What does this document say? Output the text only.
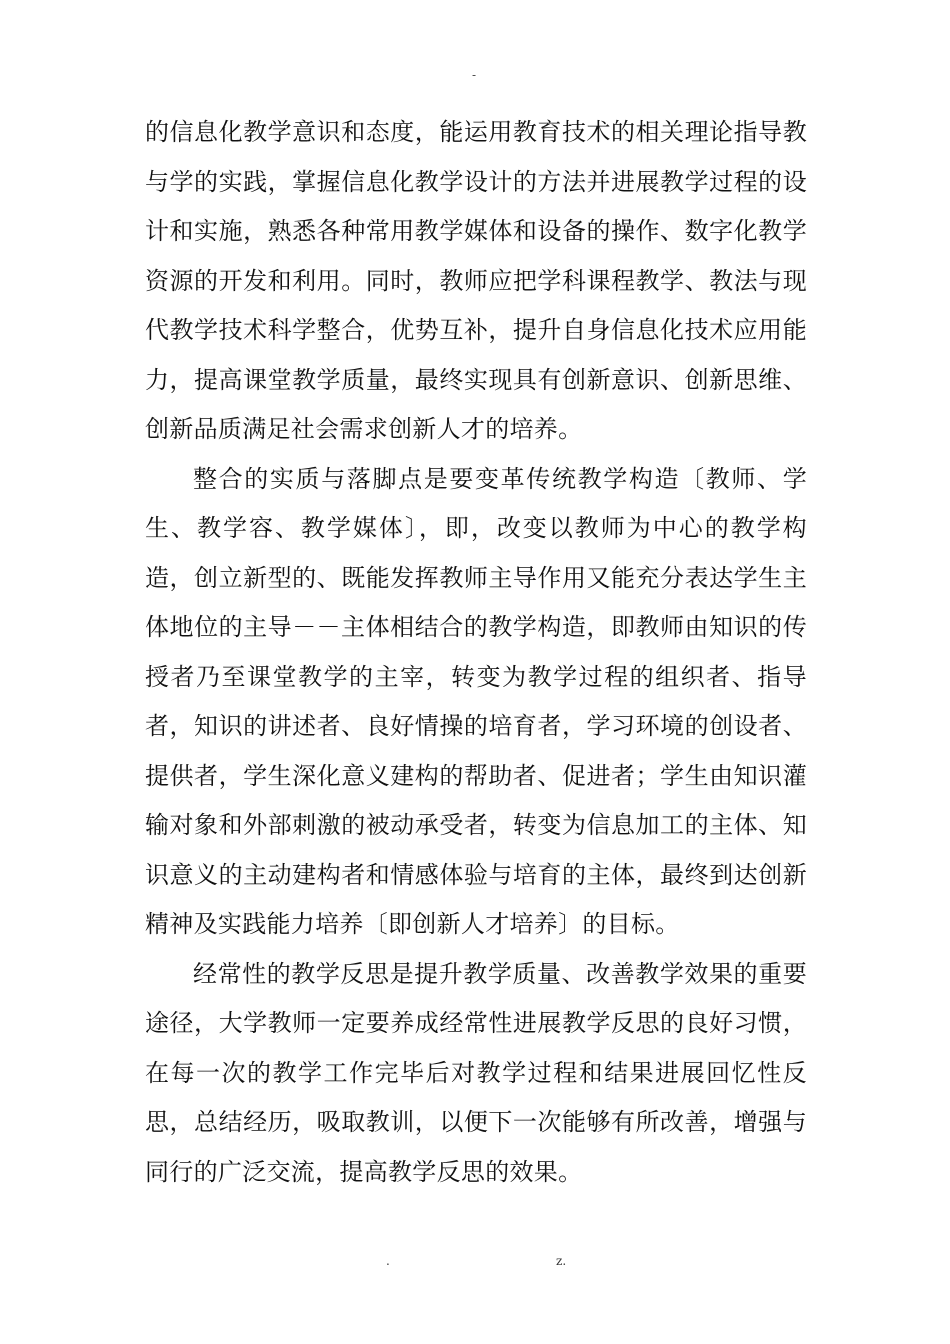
-

的信息化教学意识和态度，能运用教育技术的相关理论指导教与学的实践，掌握信息化教学设计的方法并进展教学过程的设计和实施，熟悉各种常用教学媒体和设备的操作、数字化教学资源的开发和利用。同时，教师应把学科课程教学、教法与现代教学技术科学整合，优势互补，提升自身信息化技术应用能力，提高课堂教学质量，最终实现具有创新意识、创新思维、创新品质满足社会需求创新人才的培养。

整合的实质与落脚点是要变革传统教学构造〔教师、学生、教学容、教学媒体〕，即，改变以教师为中心的教学构造，创立新型的、既能发挥教师主导作用又能充分表达学生主体地位的主导－－主体相结合的教学构造，即教师由知识的传授者乃至课堂教学的主宰，转变为教学过程的组织者、指导者，知识的讲述者、良好情操的培育者，学习环境的创设者、提供者，学生深化意义建构的帮助者、促进者；学生由知识灌输对象和外部刺激的被动承受者，转变为信息加工的主体、知识意义的主动建构者和情感体验与培育的主体，最终到达创新精神及实践能力培养〔即创新人才培养〕的目标。

经常性的教学反思是提升教学质量、改善教学效果的重要途径，大学教师一定要养成经常性进展教学反思的良好习惯， 在每一次的教学工作完毕后对教学过程和结果进展回忆性反思，总结经历，吸取教训，以便下一次能够有所改善，增强与同行的广泛交流，提高教学反思的效果。

.	z.
